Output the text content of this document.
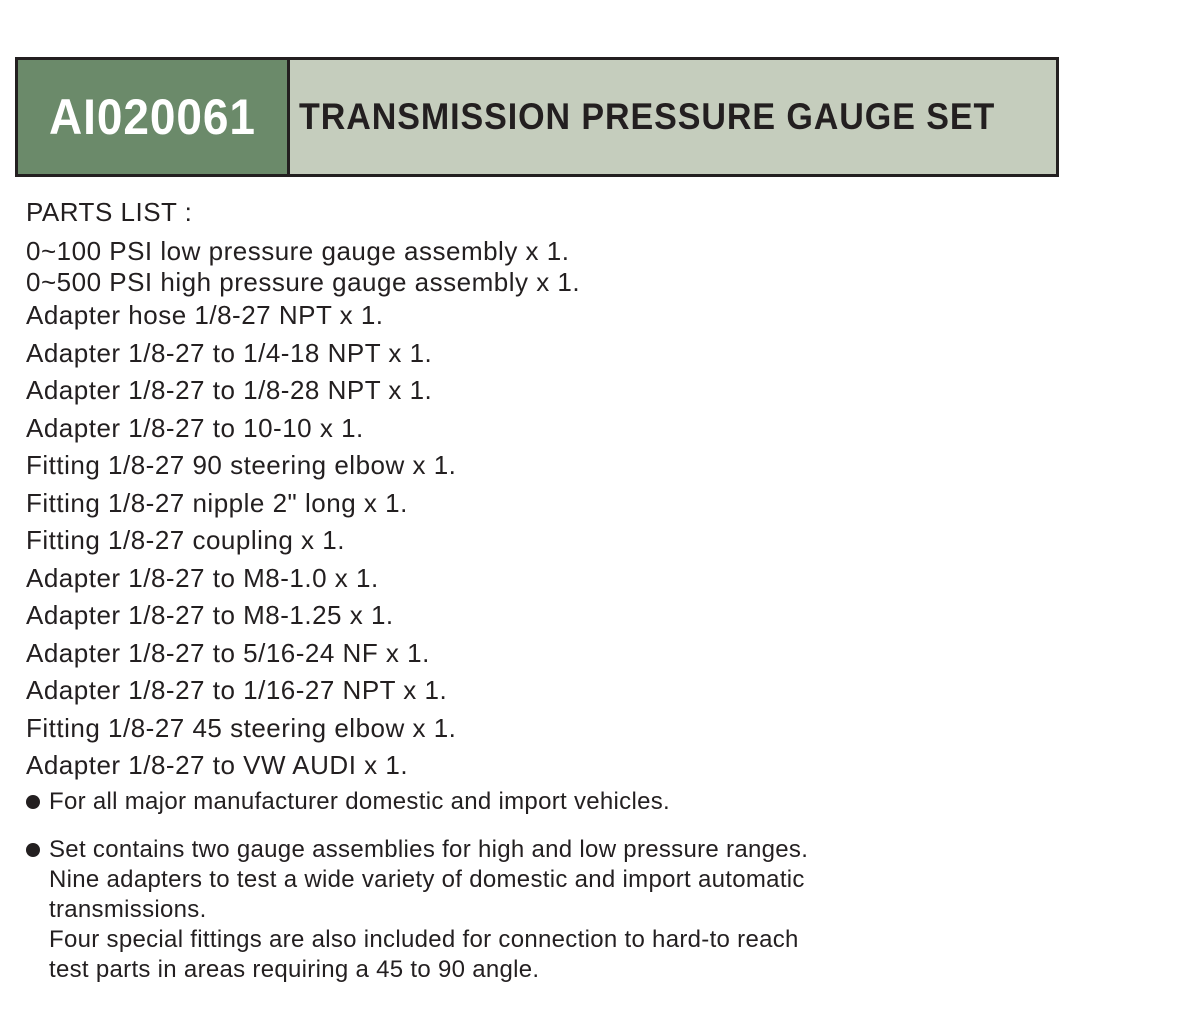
AI020061 TRANSMISSION PRESSURE GAUGE SET
PARTS LIST :
0~100 PSI low pressure gauge assembly x 1.
0~500 PSI high pressure gauge assembly x 1.
Adapter hose 1/8-27 NPT x 1.
Adapter 1/8-27 to 1/4-18 NPT x 1.
Adapter 1/8-27 to 1/8-28 NPT x 1.
Adapter 1/8-27 to 10-10 x 1.
Fitting 1/8-27 90 steering elbow x 1.
Fitting 1/8-27 nipple 2" long x 1.
Fitting 1/8-27 coupling x 1.
Adapter 1/8-27 to M8-1.0 x 1.
Adapter 1/8-27 to M8-1.25 x 1.
Adapter 1/8-27 to 5/16-24 NF x 1.
Adapter 1/8-27 to 1/16-27 NPT x 1.
Fitting 1/8-27 45 steering elbow x 1.
Adapter 1/8-27 to VW AUDI x 1.
For all major manufacturer domestic and import vehicles.
Set contains two gauge assemblies for high and low pressure ranges.
Nine adapters to test a wide variety of domestic and import automatic
transmissions.
Four special fittings are also included for connection to hard-to reach
test parts in areas requiring a 45 to 90 angle.
